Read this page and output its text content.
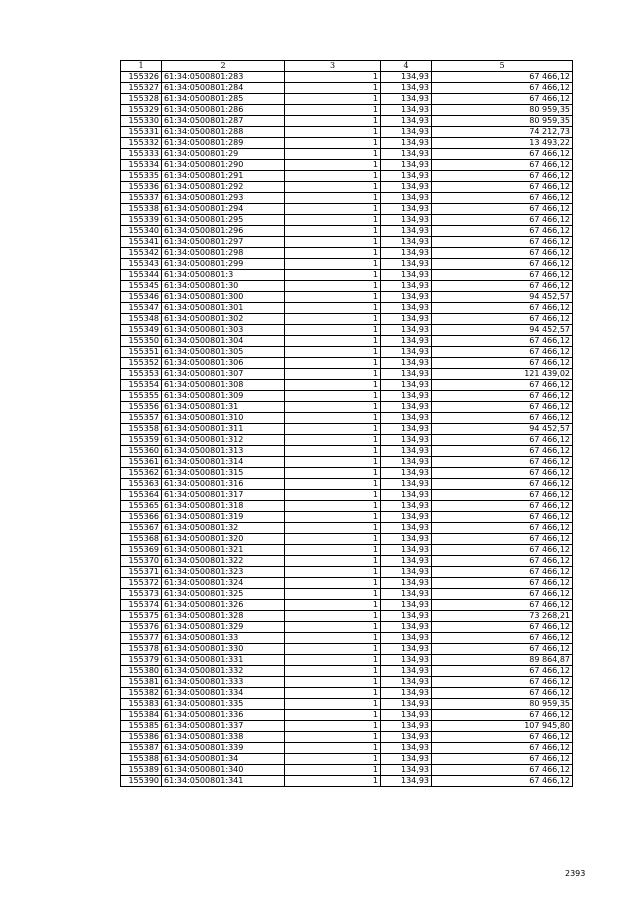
1	2	3	4	5
155326	61:34:0500801:283	1	134,93	67 466,12
155327	61:34:0500801:284	1	134,93	67 466,12
155328	61:34:0500801:285	1	134,93	67 466,12
155329	61:34:0500801:286	1	134,93	80 959,35
155330	61:34:0500801:287	1	134,93	80 959,35
155331	61:34:0500801:288	1	134,93	74 212,73
155332	61:34:0500801:289	1	134,93	13 493,22
155333	61:34:0500801:29	1	134,93	67 466,12
155334	61:34:0500801:290	1	134,93	67 466,12
155335	61:34:0500801:291	1	134,93	67 466,12
155336	61:34:0500801:292	1	134,93	67 466,12
155337	61:34:0500801:293	1	134,93	67 466,12
155338	61:34:0500801:294	1	134,93	67 466,12
155339	61:34:0500801:295	1	134,93	67 466,12
155340	61:34:0500801:296	1	134,93	67 466,12
155341	61:34:0500801:297	1	134,93	67 466,12
155342	61:34:0500801:298	1	134,93	67 466,12
155343	61:34:0500801:299	1	134,93	67 466,12
155344	61:34:0500801:3	1	134,93	67 466,12
155345	61:34:0500801:30	1	134,93	67 466,12
155346	61:34:0500801:300	1	134,93	94 452,57
155347	61:34:0500801:301	1	134,93	67 466,12
155348	61:34:0500801:302	1	134,93	67 466,12
155349	61:34:0500801:303	1	134,93	94 452,57
155350	61:34:0500801:304	1	134,93	67 466,12
155351	61:34:0500801:305	1	134,93	67 466,12
155352	61:34:0500801:306	1	134,93	67 466,12
155353	61:34:0500801:307	1	134,93	121 439,02
155354	61:34:0500801:308	1	134,93	67 466,12
155355	61:34:0500801:309	1	134,93	67 466,12
155356	61:34:0500801:31	1	134,93	67 466,12
155357	61:34:0500801:310	1	134,93	67 466,12
155358	61:34:0500801:311	1	134,93	94 452,57
155359	61:34:0500801:312	1	134,93	67 466,12
155360	61:34:0500801:313	1	134,93	67 466,12
155361	61:34:0500801:314	1	134,93	67 466,12
155362	61:34:0500801:315	1	134,93	67 466,12
155363	61:34:0500801:316	1	134,93	67 466,12
155364	61:34:0500801:317	1	134,93	67 466,12
155365	61:34:0500801:318	1	134,93	67 466,12
155366	61:34:0500801:319	1	134,93	67 466,12
155367	61:34:0500801:32	1	134,93	67 466,12
155368	61:34:0500801:320	1	134,93	67 466,12
155369	61:34:0500801:321	1	134,93	67 466,12
155370	61:34:0500801:322	1	134,93	67 466,12
155371	61:34:0500801:323	1	134,93	67 466,12
155372	61:34:0500801:324	1	134,93	67 466,12
155373	61:34:0500801:325	1	134,93	67 466,12
155374	61:34:0500801:326	1	134,93	67 466,12
155375	61:34:0500801:328	1	134,93	73 268,21
155376	61:34:0500801:329	1	134,93	67 466,12
155377	61:34:0500801:33	1	134,93	67 466,12
155378	61:34:0500801:330	1	134,93	67 466,12
155379	61:34:0500801:331	1	134,93	89 864,87
155380	61:34:0500801:332	1	134,93	67 466,12
155381	61:34:0500801:333	1	134,93	67 466,12
155382	61:34:0500801:334	1	134,93	67 466,12
155383	61:34:0500801:335	1	134,93	80 959,35
155384	61:34:0500801:336	1	134,93	67 466,12
155385	61:34:0500801:337	1	134,93	107 945,80
155386	61:34:0500801:338	1	134,93	67 466,12
155387	61:34:0500801:339	1	134,93	67 466,12
155388	61:34:0500801:34	1	134,93	67 466,12
155389	61:34:0500801:340	1	134,93	67 466,12
155390	61:34:0500801:341	1	134,93	67 466,12
2393
